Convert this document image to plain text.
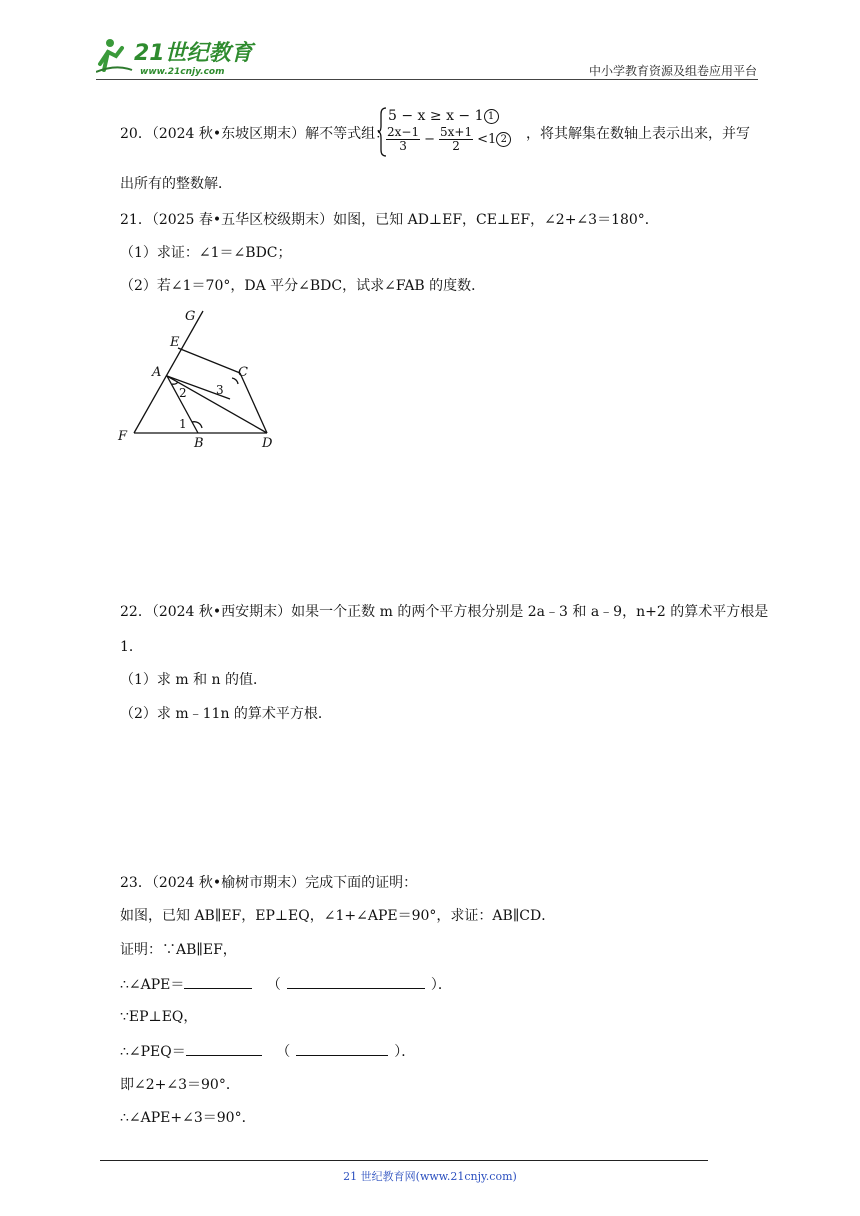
21世纪教育
www.21cnjy.com	中小学教育资源及组卷应用平台
20．（2024 秋•东坡区期末）解不等式组：
5 − x ≥ x − 1 1
$\frac{2x-1}{3} - \frac{5x+1}{2} <1$ 2	，将其解集在数轴上表示出来，并写
出所有的整数解．
21．（2025 春•五华区校级期末）如图，已知 AD⊥EF，CE⊥EF，∠2+∠3＝180°．
（1）求证：∠1＝∠BDC；
（2）若∠1＝70°，DA 平分∠BDC，试求∠FAB 的度数．
G
E
A	C
F	B	D
1
2 3
22．（2024 秋•西安期末）如果一个正数 m 的两个平方根分别是 2a﹣3 和 a﹣9，n+2 的算术平方根是
1．
（1）求 m 和 n 的值．
（2）求 m﹣11n 的算术平方根．
23．（2024 秋•榆树市期末）完成下面的证明：
如图，已知 AB∥EF，EP⊥EQ，∠1+∠APE＝90°，求证：AB∥CD．
证明：∵AB∥EF，
∴∠APE＝	（	）．
∵EP⊥EQ，
∴∠PEQ＝	（	）．
即∠2+∠3＝90°．
∴∠APE+∠3＝90°．
21 世纪教育网(www.21cnjy.com)
